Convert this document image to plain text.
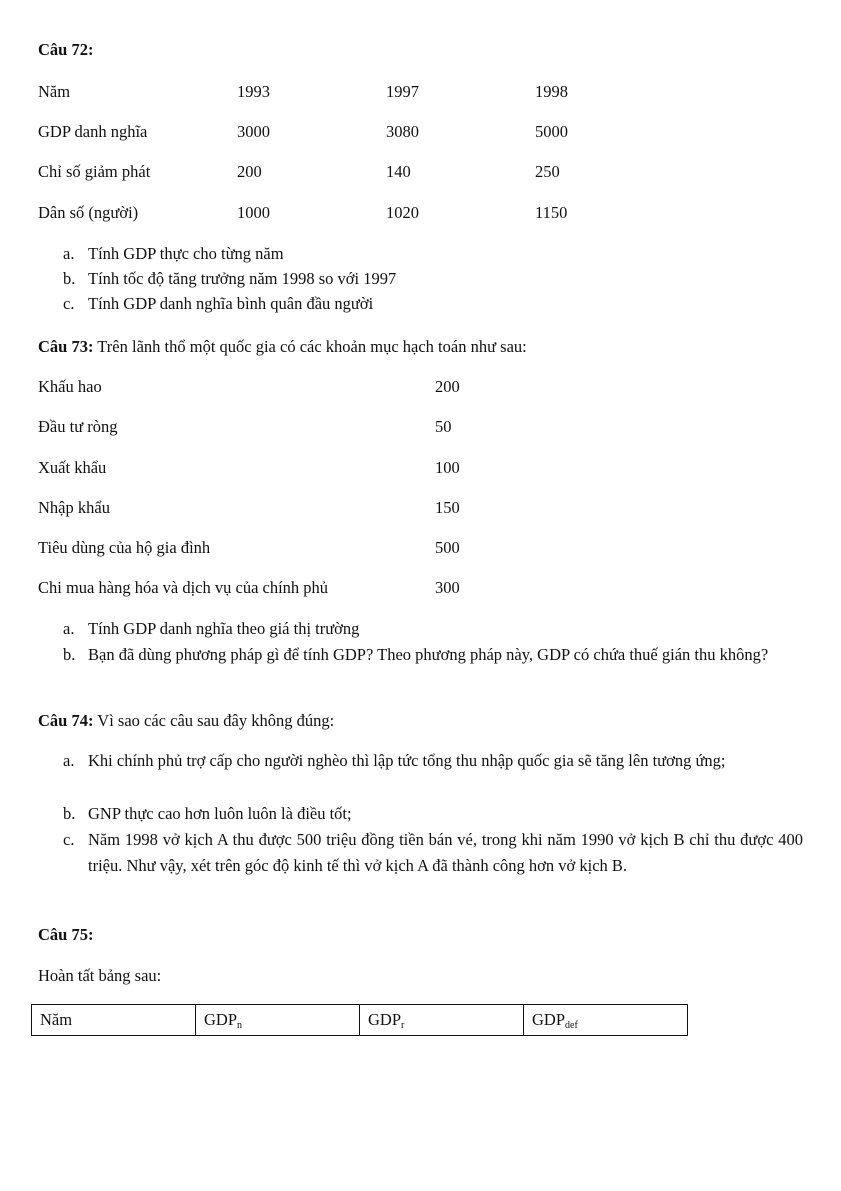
Câu 72:
Năm	1993	1997	1998
GDP danh nghĩa	3000	3080	5000
Chỉ số giảm phát	200	140	250
Dân số (người)	1000	1020	1150
a. Tính GDP thực cho từng năm
b. Tính tốc độ tăng trưởng năm 1998 so với 1997
c. Tính GDP danh nghĩa bình quân đầu người
Câu 73: Trên lãnh thổ một quốc gia có các khoản mục hạch toán như sau:
Khấu hao	200
Đầu tư ròng	50
Xuất khẩu	100
Nhập khẩu	150
Tiêu dùng của hộ gia đình	500
Chi mua hàng hóa và dịch vụ của chính phủ	300
a. Tính GDP danh nghĩa theo giá thị trường
b. Bạn đã dùng phương pháp gì để tính GDP? Theo phương pháp này, GDP có chứa thuế gián thu không?
Câu 74: Vì sao các câu sau đây không đúng:
a. Khi chính phủ trợ cấp cho người nghèo thì lập tức tổng thu nhập quốc gia sẽ tăng lên tương ứng;
b. GNP thực cao hơn luôn luôn là điều tốt;
c. Năm 1998 vở kịch A thu được 500 triệu đồng tiền bán vé, trong khi năm 1990 vở kịch B chỉ thu được 400 triệu. Như vậy, xét trên góc độ kinh tế thì vở kịch A đã thành công hơn vở kịch B.
Câu 75:
Hoàn tất bảng sau:
Năm	$GDP_n$	$GDP_r$	$GDP_{def}$
